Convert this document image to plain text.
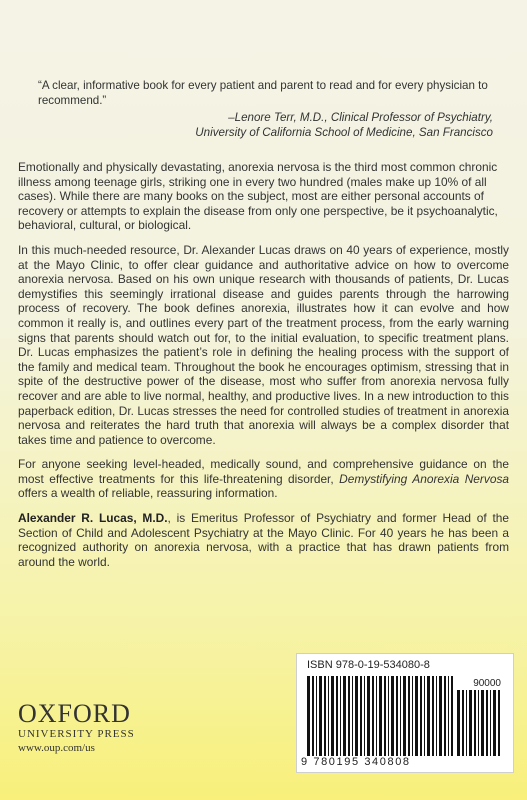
“A clear, informative book for every patient and parent to read and for every physician to recommend.”
–Lenore Terr, M.D., Clinical Professor of Psychiatry,
University of California School of Medicine, San Francisco

Emotionally and physically devastating, anorexia nervosa is the third most common chronic illness among teenage girls, striking one in every two hundred (males make up 10% of all cases). While there are many books on the subject, most are either personal accounts of recovery or attempts to explain the disease from only one perspective, be it psychoanalytic, behavioral, cultural, or biological.

In this much-needed resource, Dr. Alexander Lucas draws on 40 years of experience, mostly at the Mayo Clinic, to offer clear guidance and authoritative advice on how to overcome anorexia nervosa. Based on his own unique research with thousands of patients, Dr. Lucas demystifies this seemingly irrational disease and guides parents through the harrowing process of recovery. The book defines anorexia, illustrates how it can evolve and how common it really is, and outlines every part of the treatment process, from the early warning signs that parents should watch out for, to the initial evaluation, to specific treatment plans. Dr. Lucas emphasizes the patient’s role in defining the healing process with the support of the family and medical team. Throughout the book he encourages optimism, stressing that in spite of the destructive power of the disease, most who suffer from anorexia nervosa fully recover and are able to live normal, healthy, and productive lives. In a new introduction to this paperback edition, Dr. Lucas stresses the need for controlled studies of treatment in anorexia nervosa and reiterates the hard truth that anorexia will always be a complex disorder that takes time and patience to overcome.

For anyone seeking level-headed, medically sound, and comprehensive guidance on the most effective treatments for this life-threatening disorder, Demystifying Anorexia Nervosa offers a wealth of reliable, reassuring information.

Alexander R. Lucas, M.D., is Emeritus Professor of Psychiatry and former Head of the Section of Child and Adolescent Psychiatry at the Mayo Clinic. For 40 years he has been a recognized authority on anorexia nervosa, with a practice that has drawn patients from around the world.

OXFORD
UNIVERSITY PRESS
www.oup.com/us
ISBN 978-0-19-534080-8
90000
9 780195 340808
